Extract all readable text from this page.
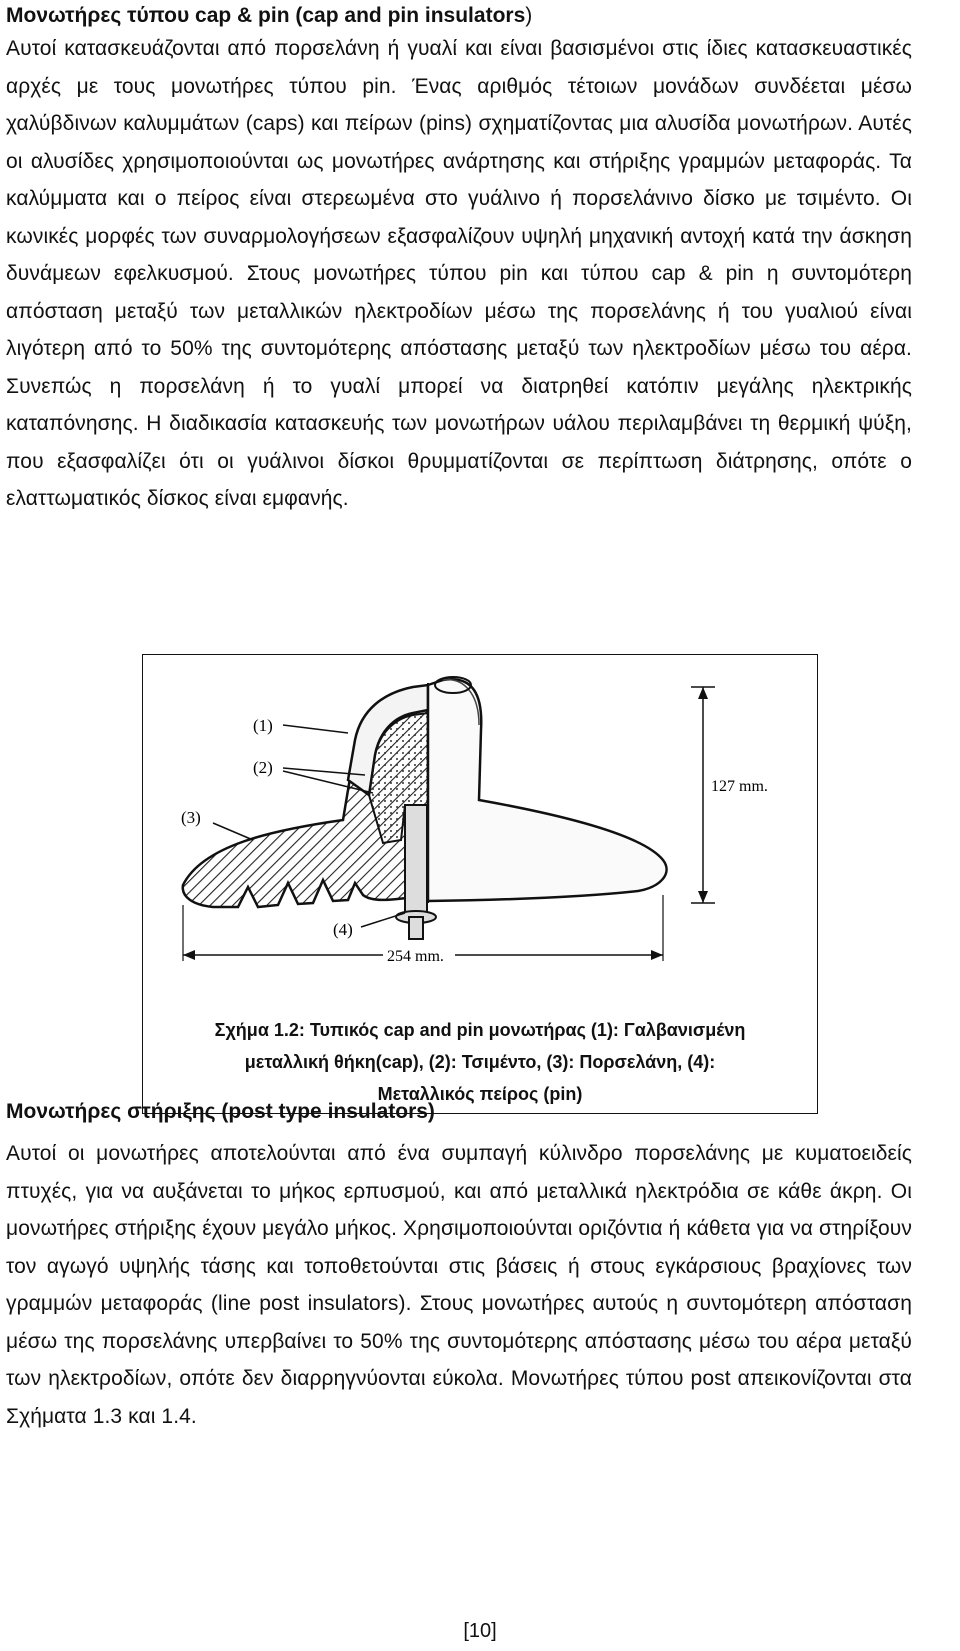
Μονωτήρες τύπου cap & pin (cap and pin insulators)

Αυτοί κατασκευάζονται από πορσελάνη ή γυαλί και είναι βασισμένοι στις ίδιες κατασκευαστικές αρχές με τους μονωτήρες τύπου pin. Ένας αριθμός τέτοιων μονάδων συνδέεται μέσω χαλύβδινων καλυμμάτων (caps) και πείρων (pins) σχηματίζοντας μια αλυσίδα μονωτήρων. Αυτές οι αλυσίδες χρησιμοποιούνται ως μονωτήρες ανάρτησης και στήριξης γραμμών μεταφοράς. Τα καλύμματα και ο πείρος είναι στερεωμένα στο γυάλινο ή πορσελάνινο δίσκο με τσιμέντο. Οι κωνικές μορφές των συναρμολογήσεων εξασφαλίζουν υψηλή μηχανική αντοχή κατά την άσκηση δυνάμεων εφελκυσμού. Στους μονωτήρες τύπου pin και τύπου cap & pin η συντομότερη απόσταση μεταξύ των μεταλλικών ηλεκτροδίων μέσω της πορσελάνης ή του γυαλιού είναι λιγότερη από το 50% της συντομότερης απόστασης μεταξύ των ηλεκτροδίων μέσω του αέρα. Συνεπώς η πορσελάνη ή το γυαλί μπορεί να διατρηθεί κατόπιν μεγάλης ηλεκτρικής καταπόνησης. Η διαδικασία κατασκευής των μονωτήρων υάλου περιλαμβάνει τη θερμική ψύξη, που εξασφαλίζει ότι οι γυάλινοι δίσκοι θρυμματίζονται σε περίπτωση διάτρησης, οπότε ο ελαττωματικός δίσκος είναι εμφανής.

(1)
(2)
(3)
(4)
127 mm.
254 mm.
Σχήμα 1.2: Τυπικός cap and pin μονωτήρας (1): Γαλβανισμένη
μεταλλική θήκη(cap), (2): Τσιμέντο, (3): Πορσελάνη, (4):
Μεταλλικός πείρος (pin)
Μονωτήρες στήριξης (post type insulators)

Αυτοί οι μονωτήρες αποτελούνται από ένα συμπαγή κύλινδρο πορσελάνης με κυματοειδείς πτυχές, για να αυξάνεται το μήκος ερπυσμού, και από μεταλλικά ηλεκτρόδια σε κάθε άκρη. Οι μονωτήρες στήριξης έχουν μεγάλο μήκος. Χρησιμοποιούνται οριζόντια ή κάθετα για να στηρίξουν τον αγωγό υψηλής τάσης και τοποθετούνται στις βάσεις ή στους εγκάρσιους βραχίονες των γραμμών μεταφοράς (line post insulators). Στους μονωτήρες αυτούς η συντομότερη απόσταση μέσω της πορσελάνης υπερβαίνει το 50% της συντομότερης απόστασης μέσω του αέρα μεταξύ των ηλεκτροδίων, οπότε δεν διαρρηγνύονται εύκολα. Μονωτήρες τύπου post απεικονίζονται στα Σχήματα 1.3 και 1.4.

[10]
